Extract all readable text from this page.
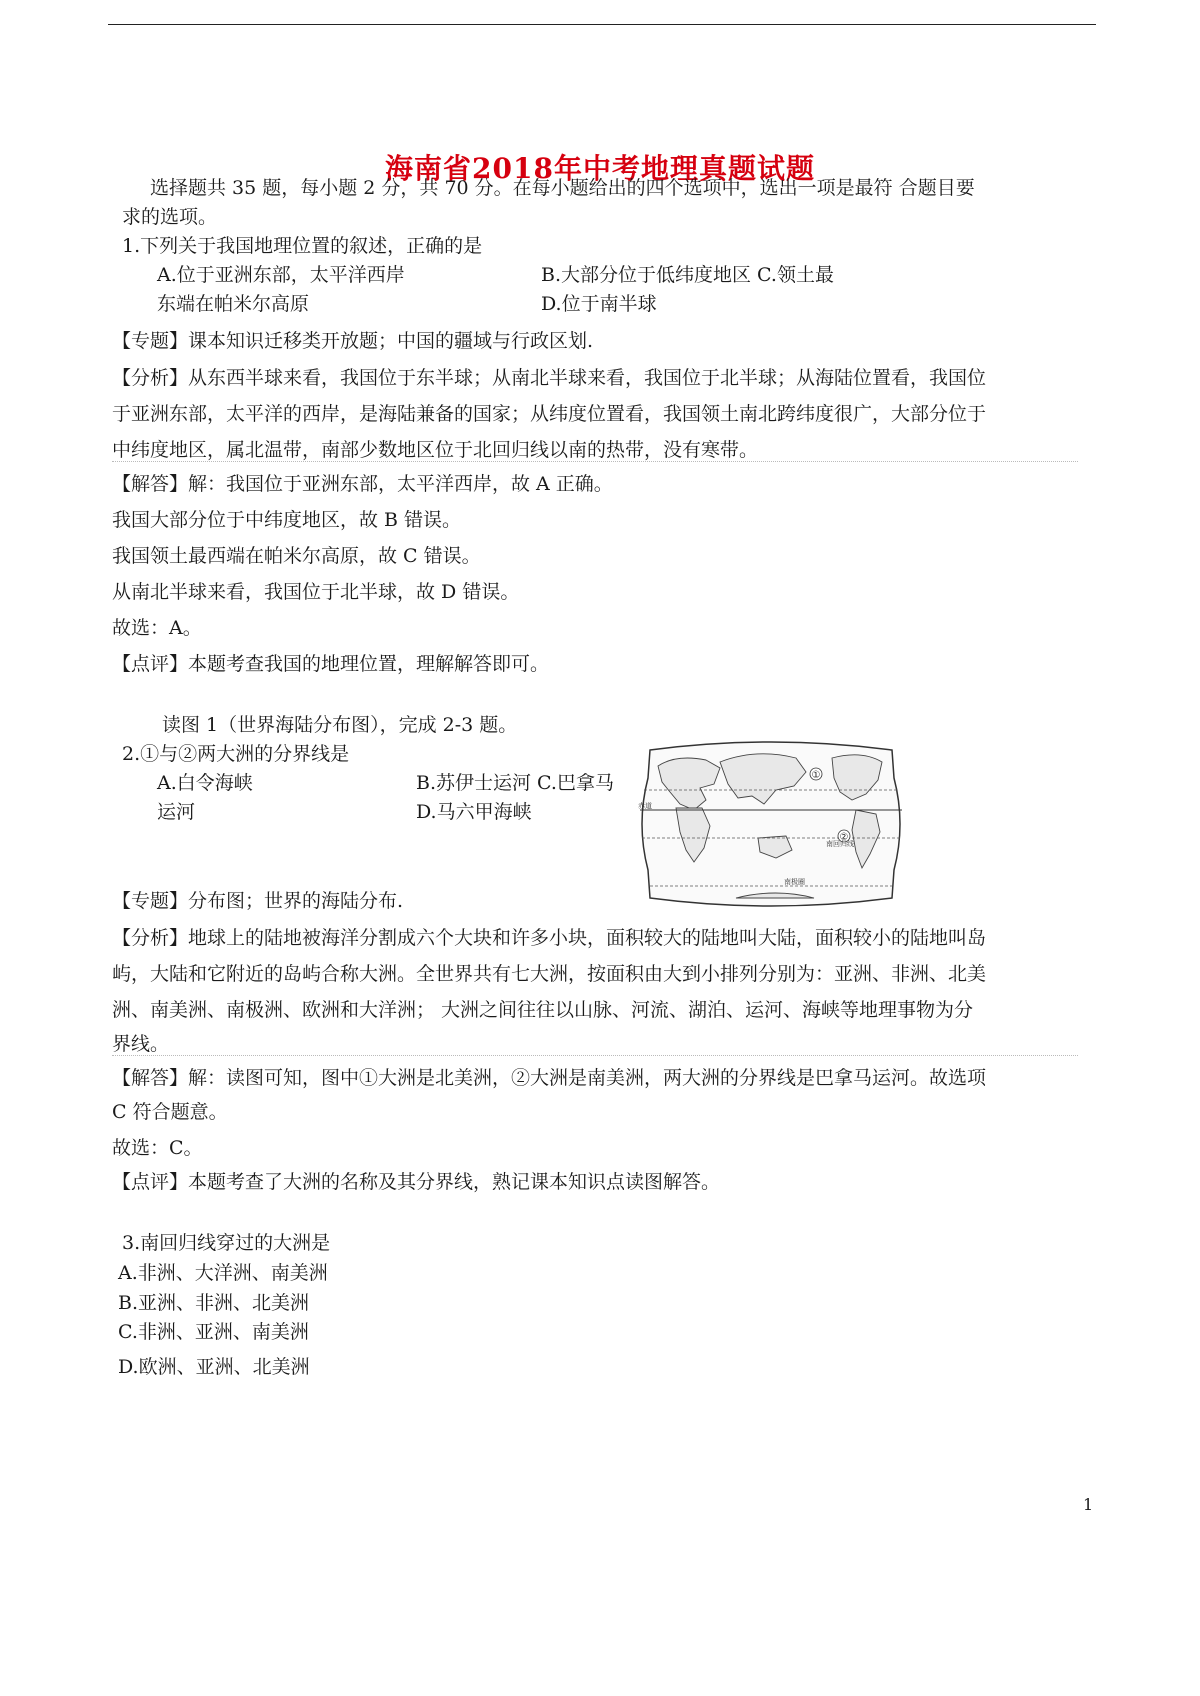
海南省2018年中考地理真题试题
选择题共 35 题，每小题 2 分，共 70 分。在每小题给出的四个选项中，选出一项是最符 合题目要
求的选项。
1.下列关于我国地理位置的叙述，正确的是
A.位于亚洲东部，太平洋西岸	B.大部分位于低纬度地区 C.领土最
东端在帕米尔高原	D.位于南半球
【专题】课本知识迁移类开放题；中国的疆域与行政区划.
【分析】从东西半球来看，我国位于东半球；从南北半球来看，我国位于北半球；从海陆位置看，我国位
于亚洲东部，太平洋的西岸，是海陆兼备的国家；从纬度位置看，我国领土南北跨纬度很广，大部分位于
中纬度地区，属北温带，南部少数地区位于北回归线以南的热带，没有寒带。
【解答】解：我国位于亚洲东部，太平洋西岸，故 A 正确。
我国大部分位于中纬度地区，故 B 错误。
我国领土最西端在帕米尔高原，故 C 错误。
从南北半球来看，我国位于北半球，故 D 错误。
故选：A。
【点评】本题考查我国的地理位置，理解解答即可。
读图 1（世界海陆分布图），完成 2-3 题。
2.①与②两大洲的分界线是
A.白令海峡	B.苏伊士运河 C.巴拿马
运河	D.马六甲海峡
①
②
赤道
南回归线
南极圈
【专题】分布图；世界的海陆分布.
【分析】地球上的陆地被海洋分割成六个大块和许多小块，面积较大的陆地叫大陆，面积较小的陆地叫岛
屿，大陆和它附近的岛屿合称大洲。全世界共有七大洲，按面积由大到小排列分别为：亚洲、非洲、北美
洲、南美洲、南极洲、欧洲和大洋洲； 大洲之间往往以山脉、河流、湖泊、运河、海峡等地理事物为分
界线。
【解答】解：读图可知，图中①大洲是北美洲，②大洲是南美洲，两大洲的分界线是巴拿马运河。故选项
C 符合题意。
故选：C。
【点评】本题考查了大洲的名称及其分界线，熟记课本知识点读图解答。
3.南回归线穿过的大洲是
A.非洲、大洋洲、南美洲
B.亚洲、非洲、北美洲
C.非洲、亚洲、南美洲
D.欧洲、亚洲、北美洲
1
